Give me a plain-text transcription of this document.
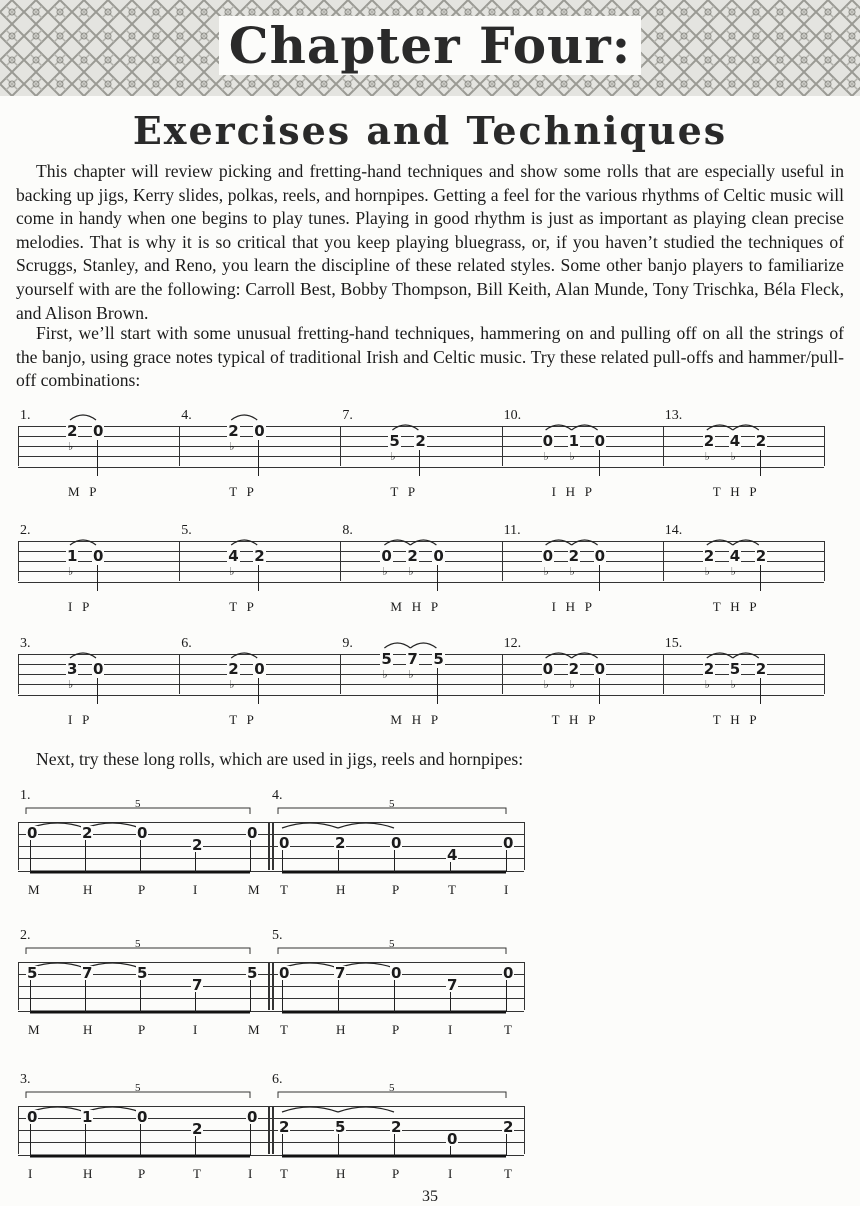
Chapter Four:
Exercises and Techniques

This chapter will review picking and fretting-hand techniques and show some rolls that are especially useful in backing up jigs, Kerry slides, polkas, reels, and hornpipes. Getting a feel for the various rhythms of Celtic music will come in handy when one begins to play tunes. Playing in good rhythm is just as important as playing clean precise melodies. That is why it is so critical that you keep playing bluegrass, or, if you haven’t studied the techniques of Scruggs, Stanley, and Reno, you learn the discipline of these related styles. Some other banjo players to familiarize yourself with are the following: Carroll Best, Bobby Thompson, Bill Keith, Alan Munde, Tony Trischka, Béla Fleck, and Alison Brown.

First, we’ll start with some unusual fretting-hand techniques, hammering on and pulling off on all the strings of the banjo, using grace notes typical of traditional Irish and Celtic music. Try these related pull-offs and hammer/pull-off combinations:

1.
2
♭
0
M   P
4.
2
♭
0
T   P
7.
5
♭
2
T   P
10.
0
♭
1
♭
0
I   H   P
13.
2
♭
4
♭
2
T   H   P
2.
1
♭
0
I   P
5.
4
♭
2
T   P
8.
0
♭
2
♭
0
M   H   P
11.
0
♭
2
♭
0
I   H   P
14.
2
♭
4
♭
2
T   H   P
3.
3
♭
0
I   P
6.
2
♭
0
T   P
9.
5
♭
7
♭
5
M   H   P
12.
0
♭
2
♭
0
T   H   P
15.
2
♭
5
♭
2
T   H   P

Next, try these long rolls, which are used in jigs, reels and hornpipes:

1.
5
0
M
2
H
0
P
2
I
0
M
4.
5
0
T
2
H
0
P
4
T
0
I
2.
5
5
M
7
H
5
P
7
I
5
M
5.
5
0
T
7
H
0
P
7
I
0
T
3.
5
0
I
1
H
0
P
2
T
0
I
6.
5
2
T
5
H
2
P
0
I
2
T
35
